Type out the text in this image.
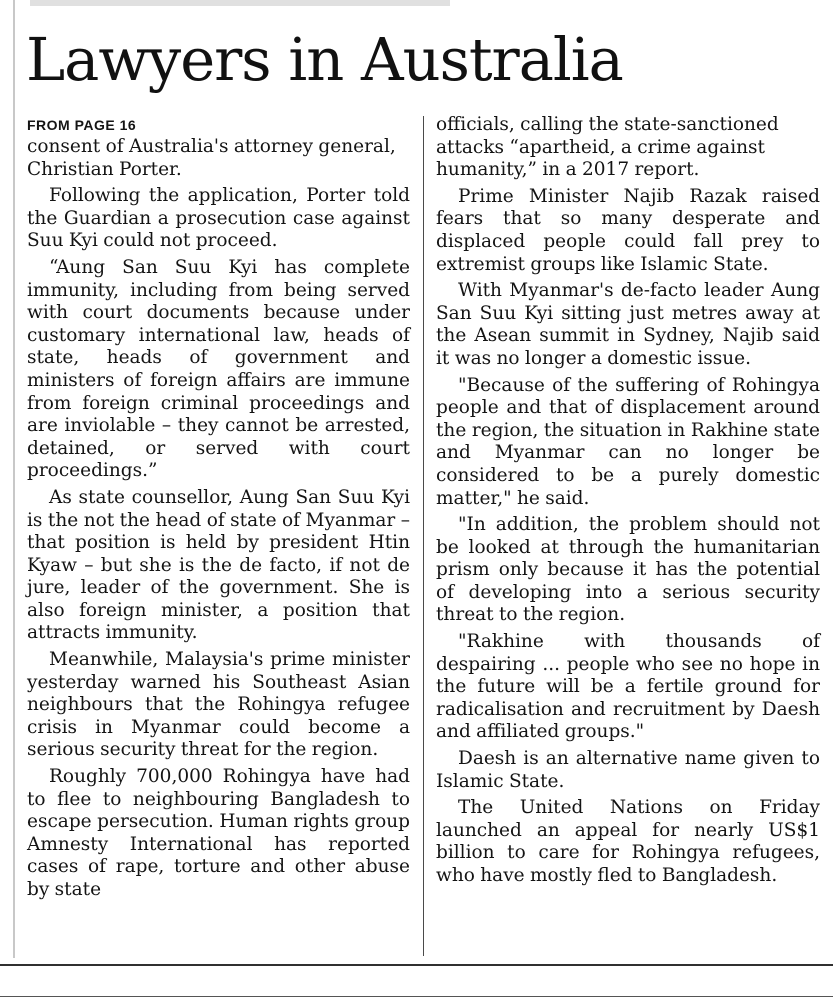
Lawyers in Australia
FROM PAGE 16

consent of Australia's attorney general, Christian Porter.

Following the application, Porter told the Guardian a prosecution case against Suu Kyi could not proceed.

“Aung San Suu Kyi has complete immunity, including from being served with court documents because under customary international law, heads of state, heads of government and ministers of foreign affairs are immune from foreign criminal proceedings and are inviolable – they cannot be arrested, detained, or served with court proceedings.”

As state counsellor, Aung San Suu Kyi is the not the head of state of Myanmar – that position is held by president Htin Kyaw – but she is the de facto, if not de jure, leader of the government. She is also foreign minister, a position that attracts immunity.

Meanwhile, Malaysia's prime minister yesterday warned his Southeast Asian neighbours that the Rohingya refugee crisis in Myanmar could become a serious security threat for the region.

Roughly 700,000 Rohingya have had to flee to neighbouring Bangladesh to escape persecution. Human rights group Amnesty International has reported cases of rape, torture and other abuse by state

officials, calling the state-sanctioned attacks “apartheid, a crime against humanity,” in a 2017 report.

Prime Minister Najib Razak raised fears that so many desperate and displaced people could fall prey to extremist groups like Islamic State.

With Myanmar's de-facto leader Aung San Suu Kyi sitting just metres away at the Asean summit in Sydney, Najib said it was no longer a domestic issue.

"Because of the suffering of Rohingya people and that of displacement around the region, the situation in Rakhine state and Myanmar can no longer be considered to be a purely domestic matter," he said.

"In addition, the problem should not be looked at through the humanitarian prism only because it has the potential of developing into a serious security threat to the region.

"Rakhine with thousands of despairing ... people who see no hope in the future will be a fertile ground for radicalisation and recruitment by Daesh and affiliated groups."

Daesh is an alternative name given to Islamic State.

The United Nations on Friday launched an appeal for nearly US$1 billion to care for Rohingya refugees, who have mostly fled to Bangladesh.
